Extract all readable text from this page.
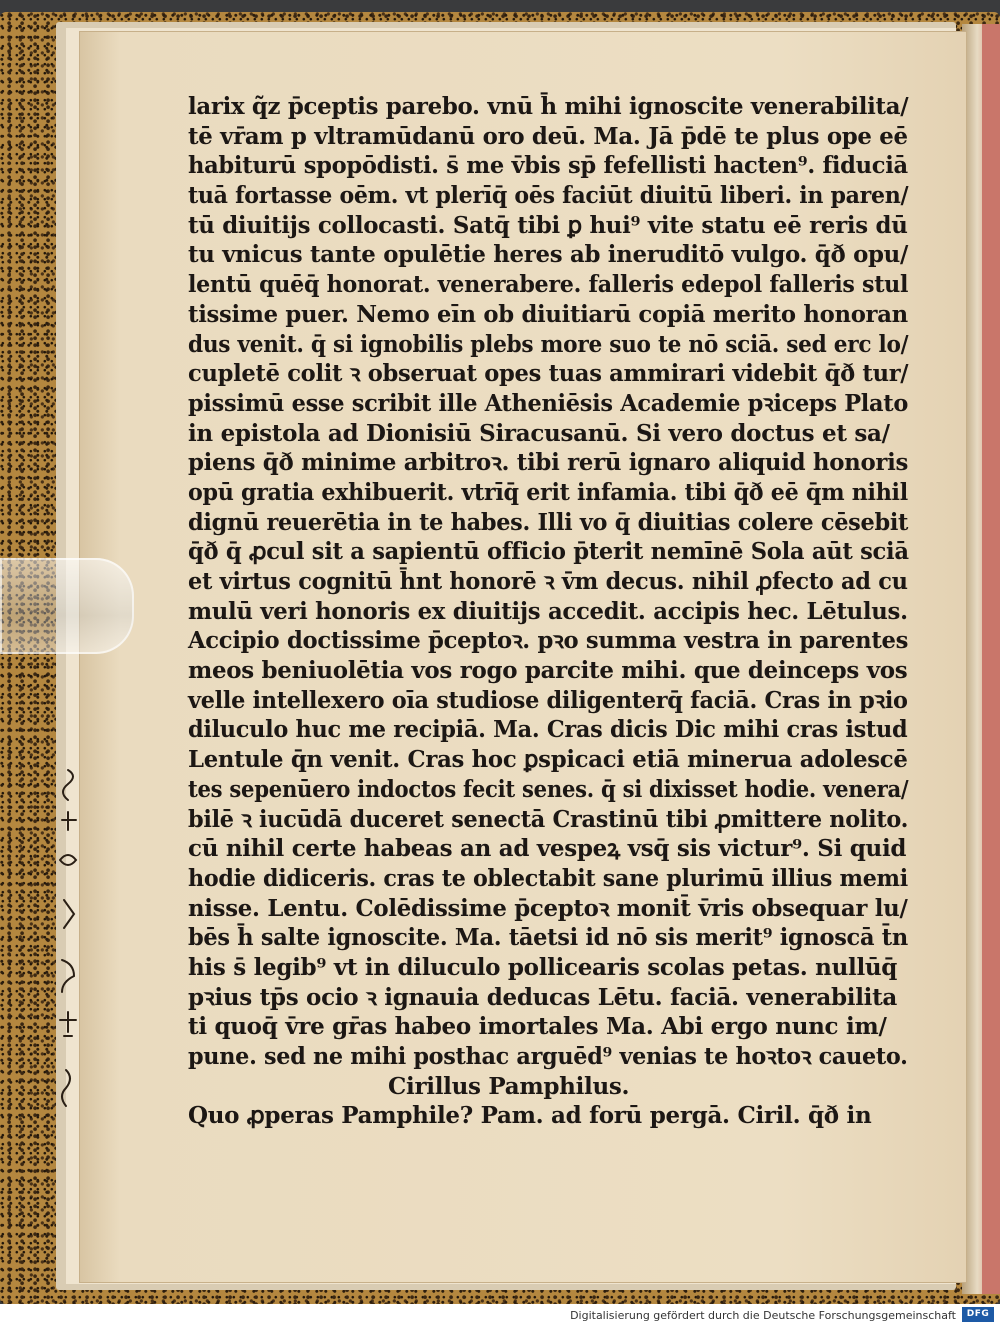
larix q̃z p̄ceptis parebo. vnū h̄ mihi ignoscite venerabilita/
tē vr̄am p vltramūdanū oro deū. Ma. Jā p̄dē te plus ope eē
habiturū spopōdisti. s̄ me v̄bis sp̄ fefellisti hacten⁹. fiduciā
tuā fortasse oēm. vt plerīq̄ oēs faciūt diuitū liberi. in paren/
tū diuitijs collocasti. Satq̄ tibi ꝑ hui⁹ vite statu eē reris dū
tu vnicus tante opulētie heres ab ineruditō vulgo. q̄ð opu/
lentū quēq̄ honorat. venerabere. falleris edepol falleris stul
tissime puer. Nemo eīn ob diuitiarū copiā merito honoran
dus venit. q̄ si ignobilis plebs more suo te nō sciā. sed erc lo/
cupletē colit ꝛ obseruat opes tuas ammirari videbit q̄ð tur/
pissimū esse scribit ille Atheniēsis Academie pꝛiceps Plato
in epistola ad Dionisiū Siracusanū. Si vero doctus et sa/
piens q̄ð minime arbitroꝛ. tibi rerū ignaro aliquid honoris
opū gratia exhibuerit. vtrīq̄ erit infamia. tibi q̄ð eē q̄m nihil
dignū reuerētia in te habes. Illi vo q̄ diuitias colere cēsebit
q̄ð q̄ ꝓcul sit a sapientū officio p̄terit nemīnē Sola aūt sciā
et virtus cognitū h̄nt honorē ꝛ v̄m decus. nihil ꝓfecto ad cu
mulū veri honoris ex diuitijs accedit. accipis hec. Lētulus.
Accipio doctissime p̄ceptoꝛ. pꝛo summa vestra in parentes
meos beniuolētia vos rogo parcite mihi. que deinceps vos
velle intellexero oīa studiose diligenterq̄ faciā. Cras in pꝛio
diluculo huc me recipiā. Ma. Cras dicis Dic mihi cras istud
Lentule q̄n venit. Cras hoc ꝑspicaci etiā minerua adolescē
tes sepenūero indoctos fecit senes. q̄ si dixisset hodie. venera/
bilē ꝛ iucūdā duceret senectā Crastinū tibi ꝓmittere nolito.
cū nihil certe habeas an ad vespeꝝ vsq̄ sis victur⁹. Si quid
hodie didiceris. cras te oblectabit sane plurimū illius memi
nisse. Lentu. Colēdissime p̄ceptoꝛ monit̄ v̄ris obsequar lu/
bēs h̄ salte ignoscite. Ma. tāetsi id nō sis merit⁹ ignoscā t̄n
his s̄ legib⁹ vt in diluculo pollicearis scolas petas. nullūq̄
pꝛius tp̄s ocio ꝛ ignauia deducas Lētu. faciā. venerabilita
ti quoq̄ v̄re gr̄as habeo imortales Ma. Abi ergo nunc im/
pune. sed ne mihi posthac arguēd⁹ venias te hoꝛtoꝛ caueto.
Cirillus Pamphilus.
Quo ꝓperas Pamphile? Pam. ad forū pergā. Ciril. q̄ð in
Digitalisierung gefördert durch die Deutsche Forschungsgemeinschaft	DFG
